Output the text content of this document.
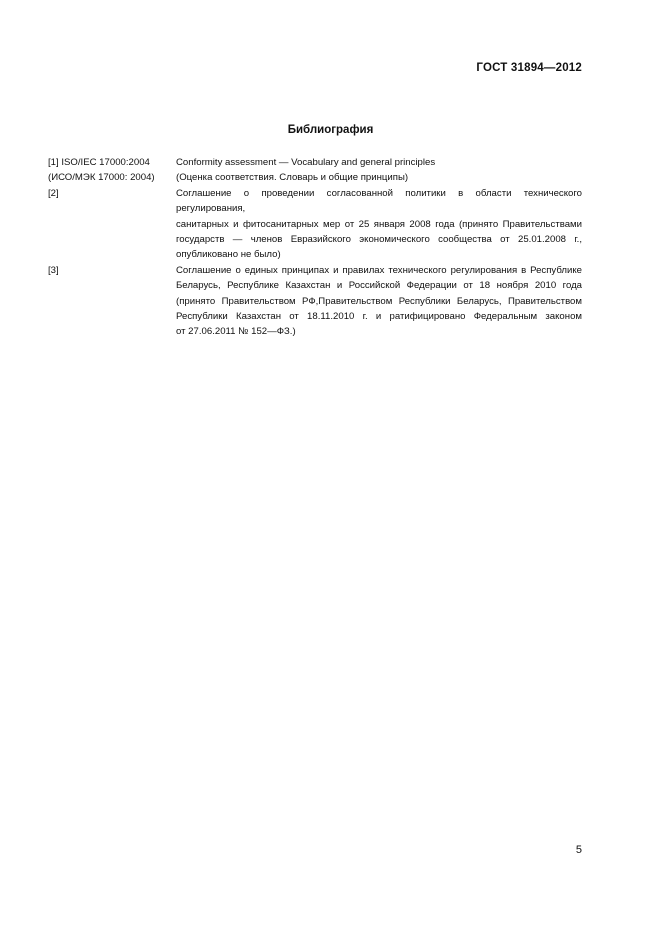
ГОСТ 31894—2012
Библиография
[1] ISO/IEC 17000:2004
(ИСО/МЭК 17000: 2004)
Conformity assessment — Vocabulary and general principles
(Оценка соответствия. Словарь и общие принципы)
[2]	Соглашение о проведении согласованной политики в области технического регулирования,
санитарных и фитосанитарных мер от 25 января 2008 года (принято Правительствами
государств — членов Евразийского экономического сообщества от 25.01.2008 г.,
опубликовано не было)
[3]	Соглашение о единых принципах и правилах технического регулирования в Республике
Беларусь, Республике Казахстан и Российской Федерации от 18 ноября 2010 года
(принято Правительством РФ,Правительством Республики Беларусь, Правительством
Республики Казахстан от 18.11.2010 г. и ратифицировано Федеральным законом
от 27.06.2011 № 152—ФЗ.)
5
